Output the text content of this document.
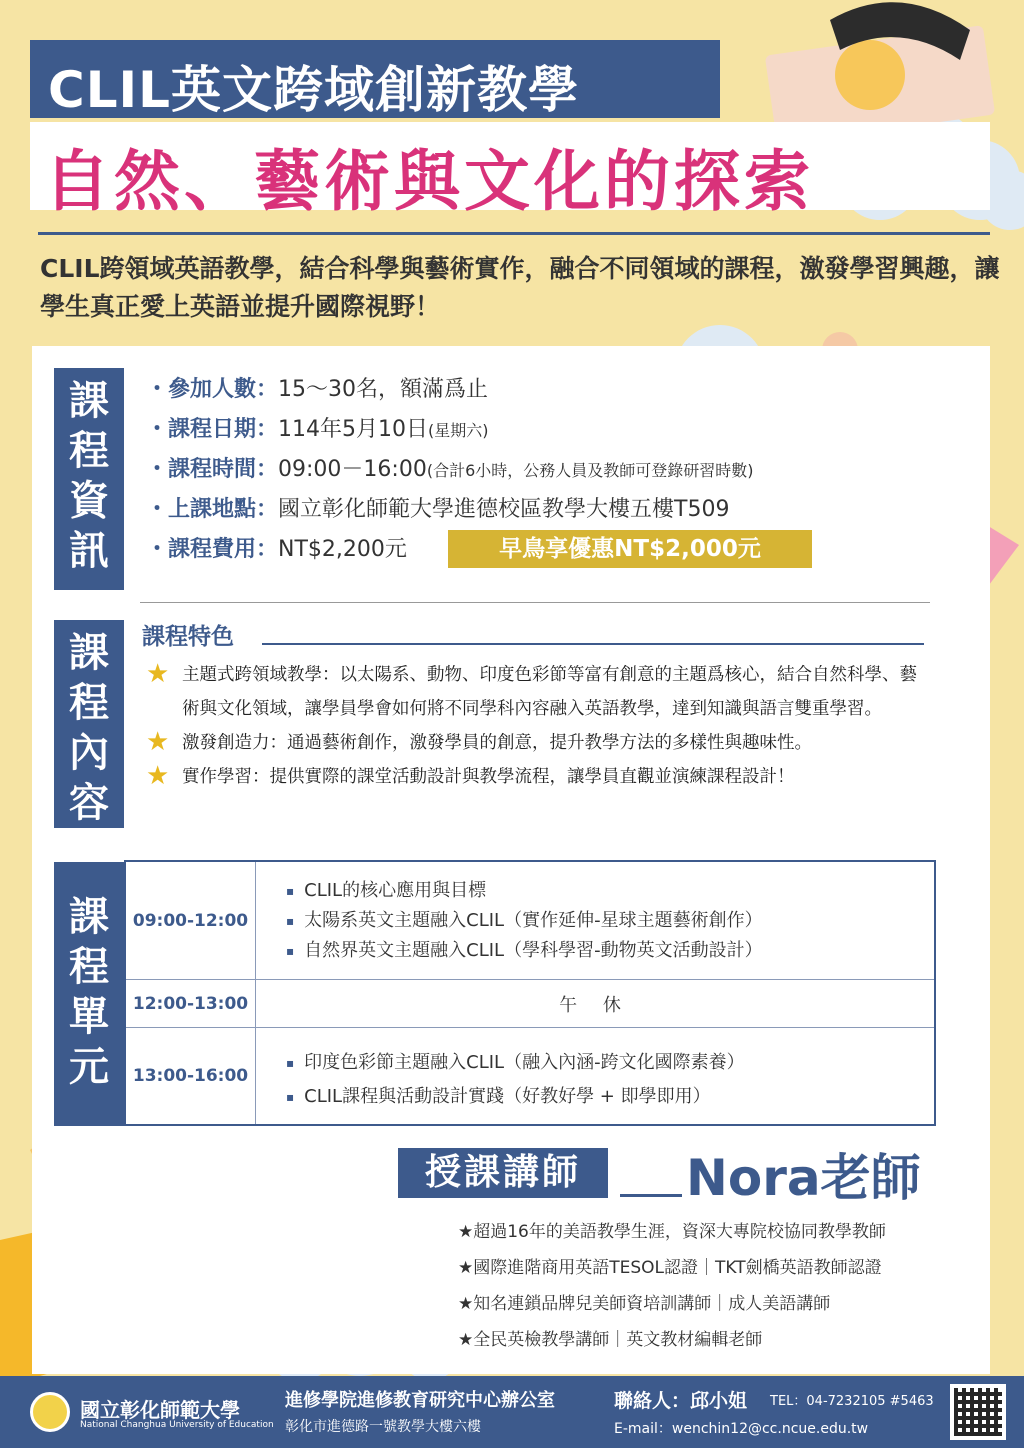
CLIL英文跨域創新教學
自然、藝術與文化的探索
CLIL跨領域英語教學，結合科學與藝術實作，融合不同領域的課程，激發學習興趣，讓學生真正愛上英語並提升國際視野！
課程資訊
・參加人數： 15～30名，額滿爲止
・課程日期： 114年5月10日 (星期六)
・課程時間： 09:00－16:00 (合計6小時，公務人員及教師可登錄研習時數)
・上課地點： 國立彰化師範大學進德校區教學大樓五樓T509
・課程費用： NT$2,200元	早鳥享優惠NT$2,000元
課程內容
課程特色
★ 主題式跨領域教學：以太陽系、動物、印度色彩節等富有創意的主題爲核心，結合自然科學、藝術與文化領域，讓學員學會如何將不同學科內容融入英語教學，達到知識與語言雙重學習。
★ 激發創造力：通過藝術創作，激發學員的創意，提升教學方法的多樣性與趣味性。
★ 實作學習：提供實際的課堂活動設計與教學流程，讓學員直觀並演練課程設計！
課程單元
09:00-12:00
▪ CLIL的核心應用與目標
▪ 太陽系英文主題融入CLIL（實作延伸-星球主題藝術創作）
▪ 自然界英文主題融入CLIL（學科學習-動物英文活動設計）
12:00-13:00	午 休
13:00-16:00
▪ 印度色彩節主題融入CLIL（融入內涵-跨文化國際素養）
▪ CLIL課程與活動設計實踐（好教好學 + 即學即用）
授課講師	Nora老師
★超過16年的美語教學生涯，資深大專院校協同教學教師
★國際進階商用英語TESOL認證｜TKT劍橋英語教師認證
★知名連鎖品牌兒美師資培訓講師｜成人美語講師
★全民英檢教學講師｜英文教材編輯老師
國立彰化師範大學
National Changhua University of Education
進修學院進修教育研究中心辦公室
彰化市進德路一號教學大樓六樓
聯絡人：邱小姐 TEL：04-7232105 #5463
E-mail：wenchin12@cc.ncue.edu.tw
